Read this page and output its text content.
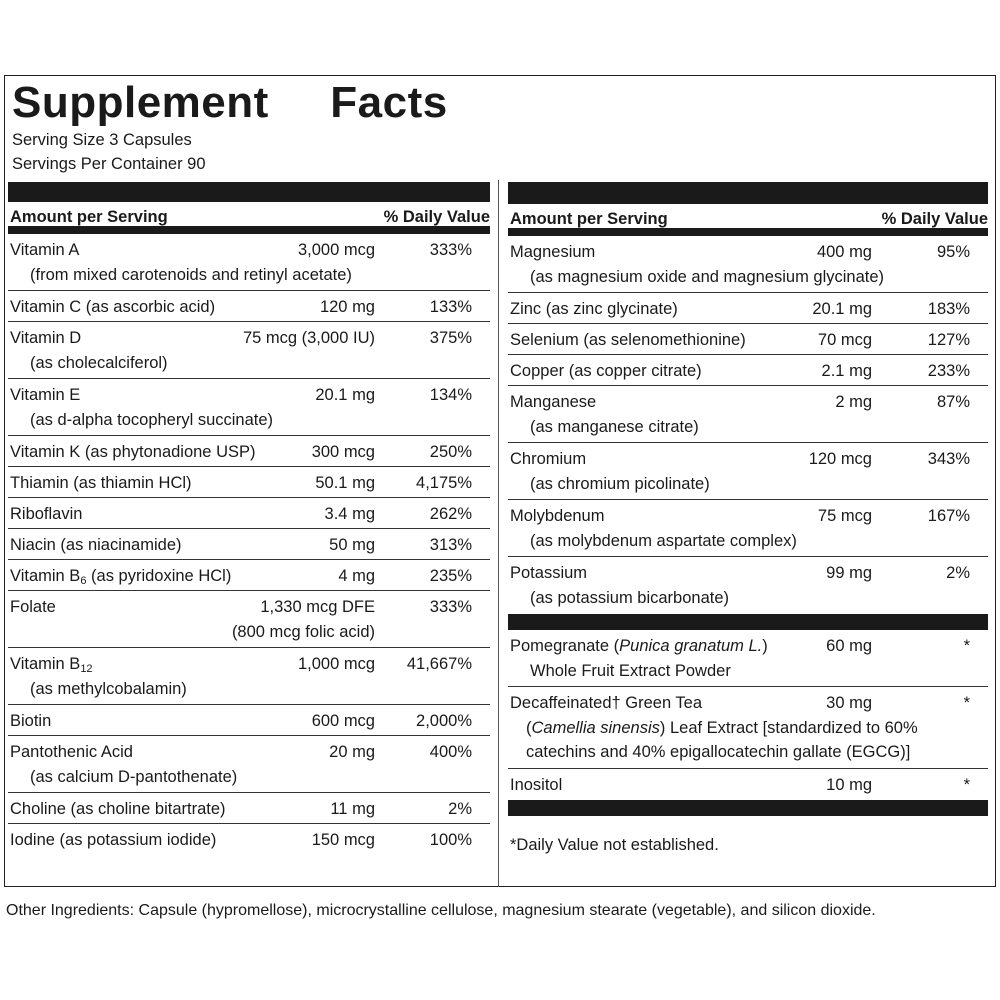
Supplement  Facts
Serving Size 3 Capsules
Servings Per Container 90
Amount per Serving	% Daily Value
Vitamin A	3,000 mcg	333%
(from mixed carotenoids and retinyl acetate)
Vitamin C (as ascorbic acid)	120 mg	133%
Vitamin D	75 mcg (3,000 IU)	375%
(as cholecalciferol)
Vitamin E	20.1 mg	134%
(as d-alpha tocopheryl succinate)
Vitamin K (as phytonadione USP)	300 mcg	250%
Thiamin (as thiamin HCl)	50.1 mg 4,175%
Riboflavin	3.4 mg	262%
Niacin (as niacinamide)	50 mg	313%
Vitamin $B_6$ (as pyridoxine HCl)	4 mg	235%
Folate	1,330 mcg DFE	333%
(800 mcg folic acid)
Vitamin $B_{12}$	1,000 mcg 41,667%
(as methylcobalamin)
Biotin	600 mcg 2,000%
Pantothenic Acid	20 mg	400%
(as calcium D-pantothenate)
Choline (as choline bitartrate)	11 mg	2%
Iodine (as potassium iodide)	150 mcg	100%
Amount per Serving	% Daily Value
Magnesium	400 mg	95%
(as magnesium oxide and magnesium glycinate)
Zinc (as zinc glycinate)	20.1 mg	183%
Selenium (as selenomethionine)	70 mcg	127%
Copper (as copper citrate)	2.1 mg	233%
Manganese	2 mg	87%
(as manganese citrate)
Chromium	120 mcg	343%
(as chromium picolinate)
Molybdenum	75 mcg	167%
(as molybdenum aspartate complex)
Potassium	99 mg	2%
(as potassium bicarbonate)
Pomegranate (Punica granatum L.)	60 mg	*
Whole Fruit Extract Powder
Decaffeinated† Green Tea	30 mg	*
(Camellia sinensis) Leaf Extract [standardized to 60%
catechins and 40% epigallocatechin gallate (EGCG)]
Inositol	10 mg	*
*Daily Value not established.
Other Ingredients: Capsule (hypromellose), microcrystalline cellulose, magnesium stearate (vegetable), and silicon dioxide.
